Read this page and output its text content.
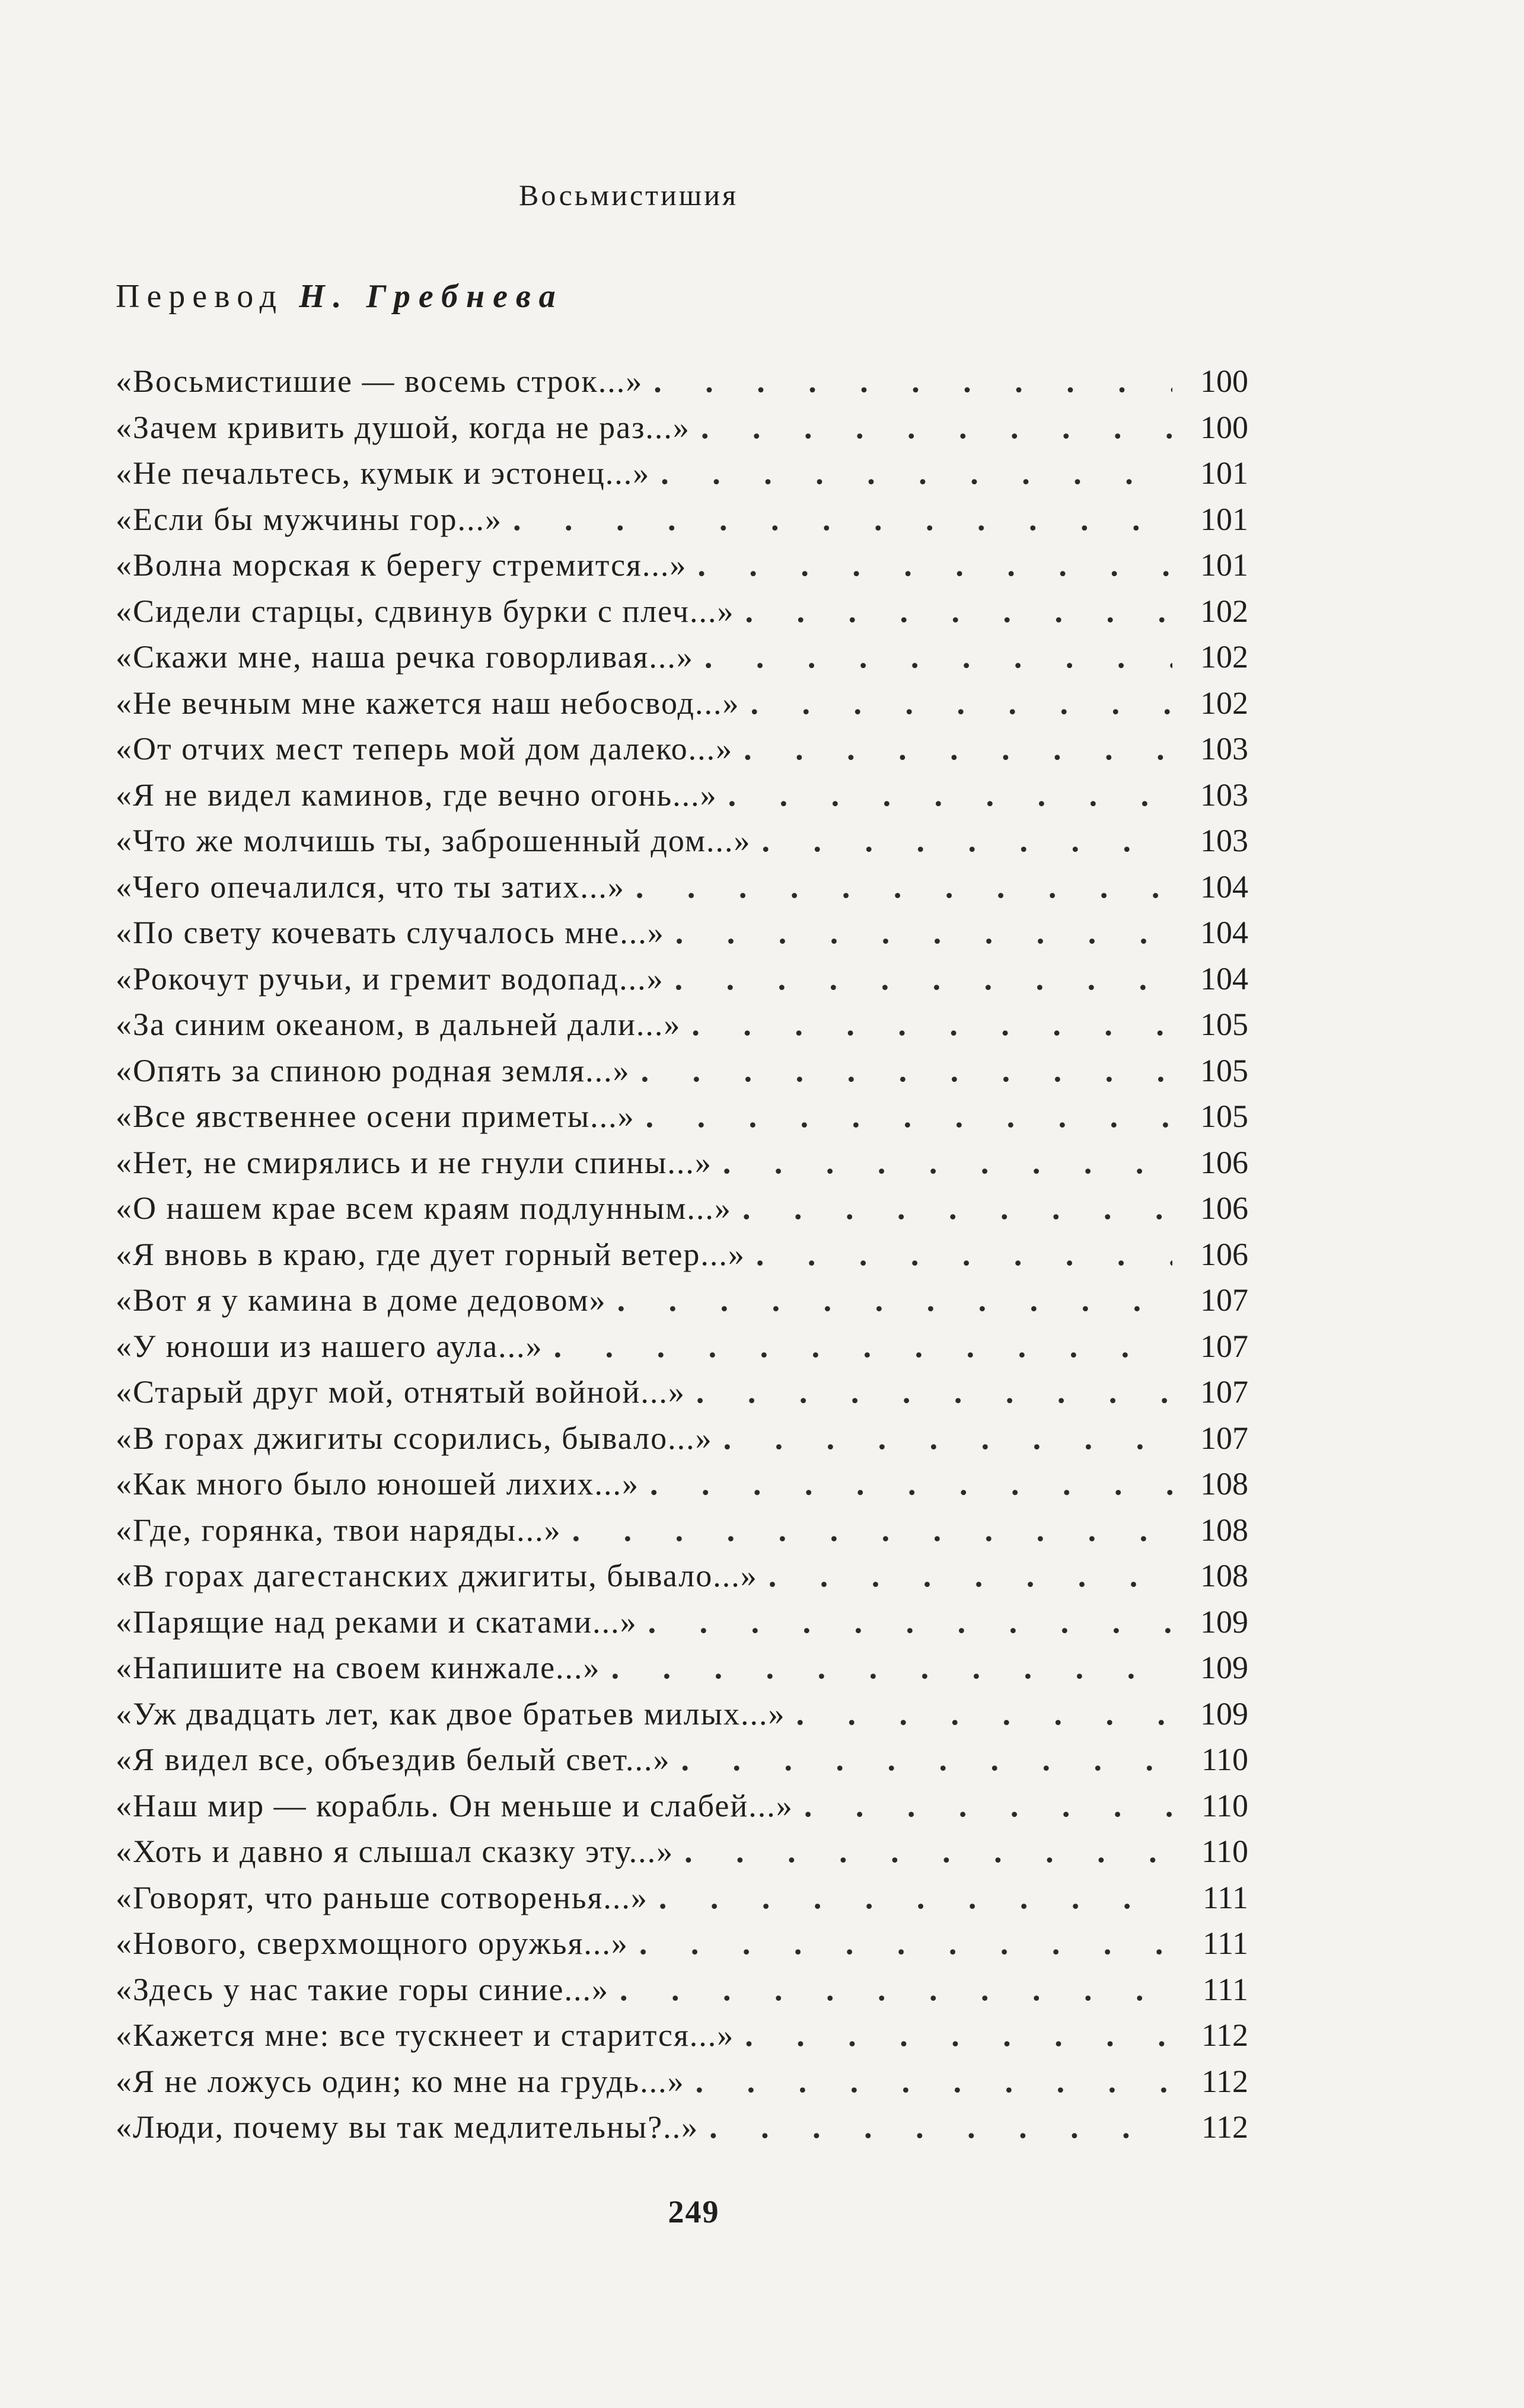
Восьмистишия
Перевод Н. Гребнева
«Восьмистишие — восемь строк...» . . .	100
«Зачем кривить душой, когда не раз...» . . .	100
«Не печальтесь, кумык и эстонец...» . . .	101
«Если бы мужчины гор...» . . .	101
«Волна морская к берегу стремится...» . . .	101
«Сидели старцы, сдвинув бурки с плеч...» . . .	102
«Скажи мне, наша речка говорливая...» . . .	102
«Не вечным мне кажется наш небосвод...» . . .	102
«От отчих мест теперь мой дом далеко...» . . .	103
«Я не видел каминов, где вечно огонь...» . . .	103
«Что же молчишь ты, заброшенный дом...» . . .	103
«Чего опечалился, что ты затих...» . . .	104
«По свету кочевать случалось мне...» . . .	104
«Рокочут ручьи, и гремит водопад...» . . .	104
«За синим океаном, в дальней дали...» . . .	105
«Опять за спиною родная земля...» . . .	105
«Все явственнее осени приметы...» . . .	105
«Нет, не смирялись и не гнули спины...» . . .	106
«О нашем крае всем краям подлунным...» . . .	106
«Я вновь в краю, где дует горный ветер...» . . .	106
«Вот я у камина в доме дедовом» . . .	107
«У юноши из нашего аула...» . . .	107
«Старый друг мой, отнятый войной...» . . .	107
«В горах джигиты ссорились, бывало...» . . .	107
«Как много было юношей лихих...» . . .	108
«Где, горянка, твои наряды...» . . .	108
«В горах дагестанских джигиты, бывало...» . . .	108
«Парящие над реками и скатами...» . . .	109
«Напишите на своем кинжале...» . . .	109
«Уж двадцать лет, как двое братьев милых...» . . .	109
«Я видел все, объездив белый свет...» . . .	110
«Наш мир — корабль. Он меньше и слабей...» . . .	110
«Хоть и давно я слышал сказку эту...» . . .	110
«Говорят, что раньше сотворенья...» . . .	111
«Нового, сверхмощного оружья...» . . .	111
«Здесь у нас такие горы синие...» . . .	111
«Кажется мне: все тускнеет и старится...» . . .	112
«Я не ложусь один; ко мне на грудь...» . . .	112
«Люди, почему вы так медлительны?..» . . .	112
249
